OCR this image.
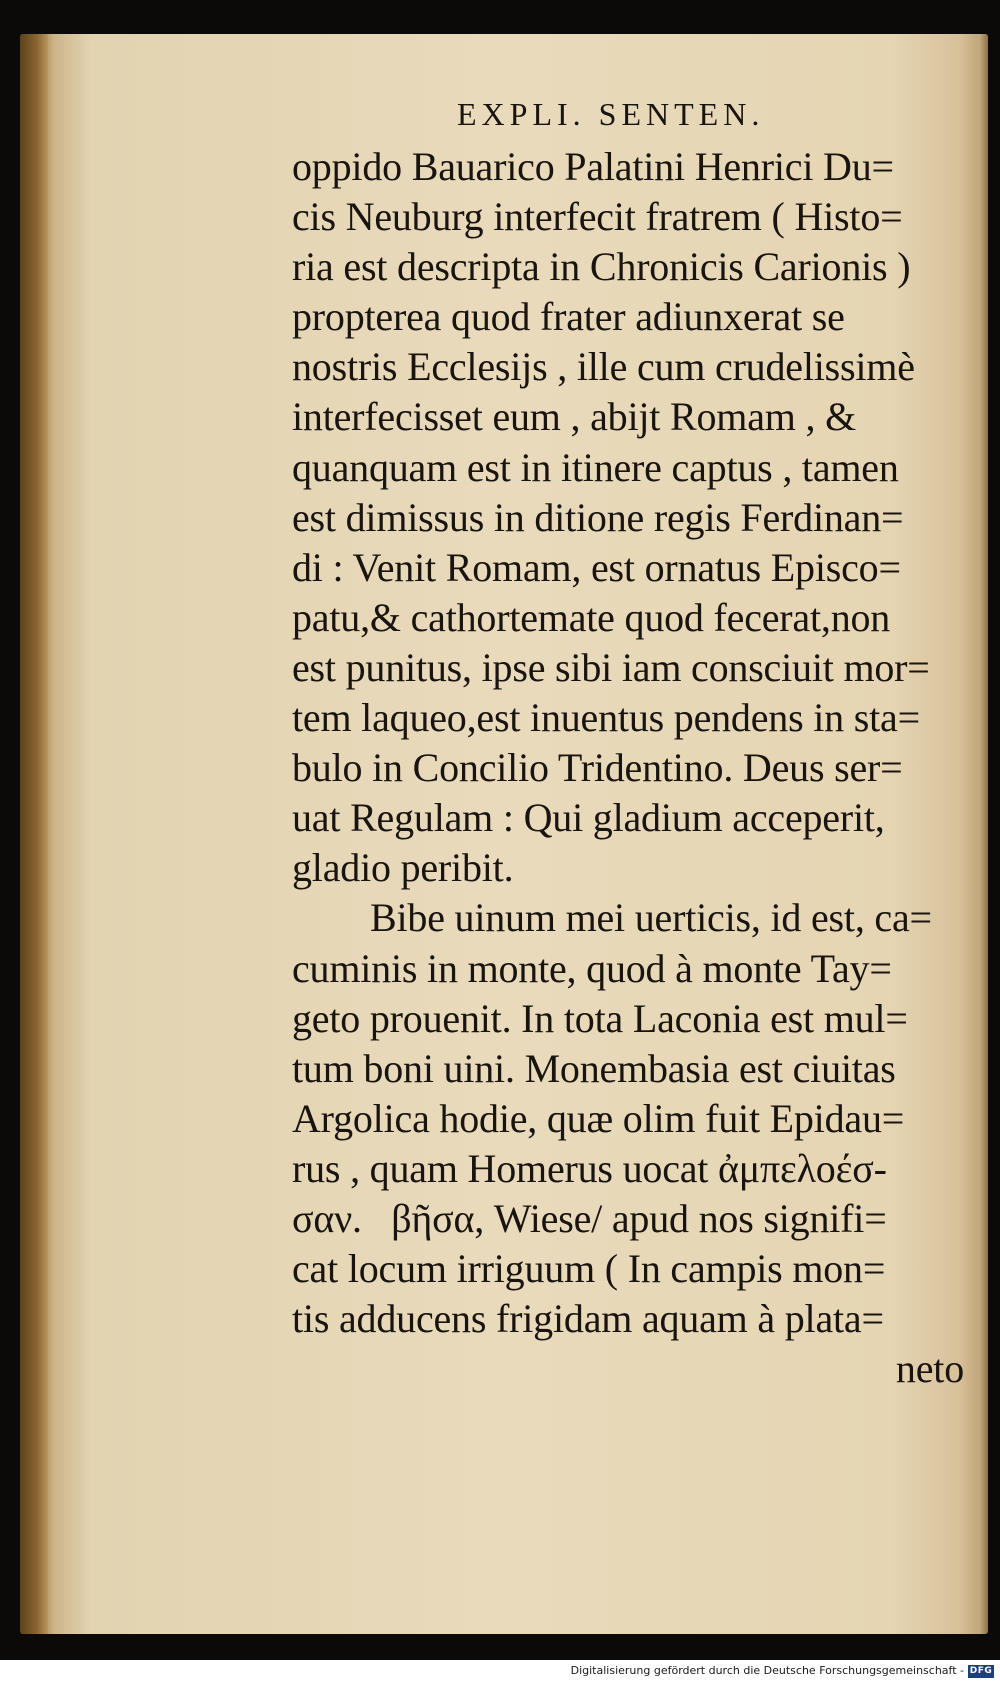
EXPLI. SENTEN.
oppido Bauarico Palatini Henrici Du=
cis Neuburg interfecit fratrem ( Histo=
ria est descripta in Chronicis Carionis )
propterea quod frater adiunxerat se
nostris Ecclesijs , ille cum crudelissimè
interfecisset eum , abijt Romam , &
quanquam est in itinere captus , tamen
est dimissus in ditione regis Ferdinan=
di : Venit Romam, est ornatus Episco=
patu,& cathortemate quod fecerat,non
est punitus, ipse sibi iam consciuit mor=
tem laqueo,est inuentus pendens in sta=
bulo in Concilio Tridentino. Deus ser=
uat Regulam : Qui gladium acceperit,
gladio peribit.
Bibe uinum mei uerticis, id est, ca=
cuminis in monte, quod à monte Tay=
geto prouenit. In tota Laconia est mul=
tum boni uini. Monembasia est ciuitas
Argolica hodie, quæ olim fuit Epidau=
rus , quam Homerus uocat ἀμπελοέσ-
σαν.   βῆσα, Wiese/ apud nos signifi=
cat locum irriguum ( In campis mon=
tis adducens frigidam aquam à plata=
neto
Digitalisierung gefördert durch die Deutsche Forschungsgemeinschaft - DFG
